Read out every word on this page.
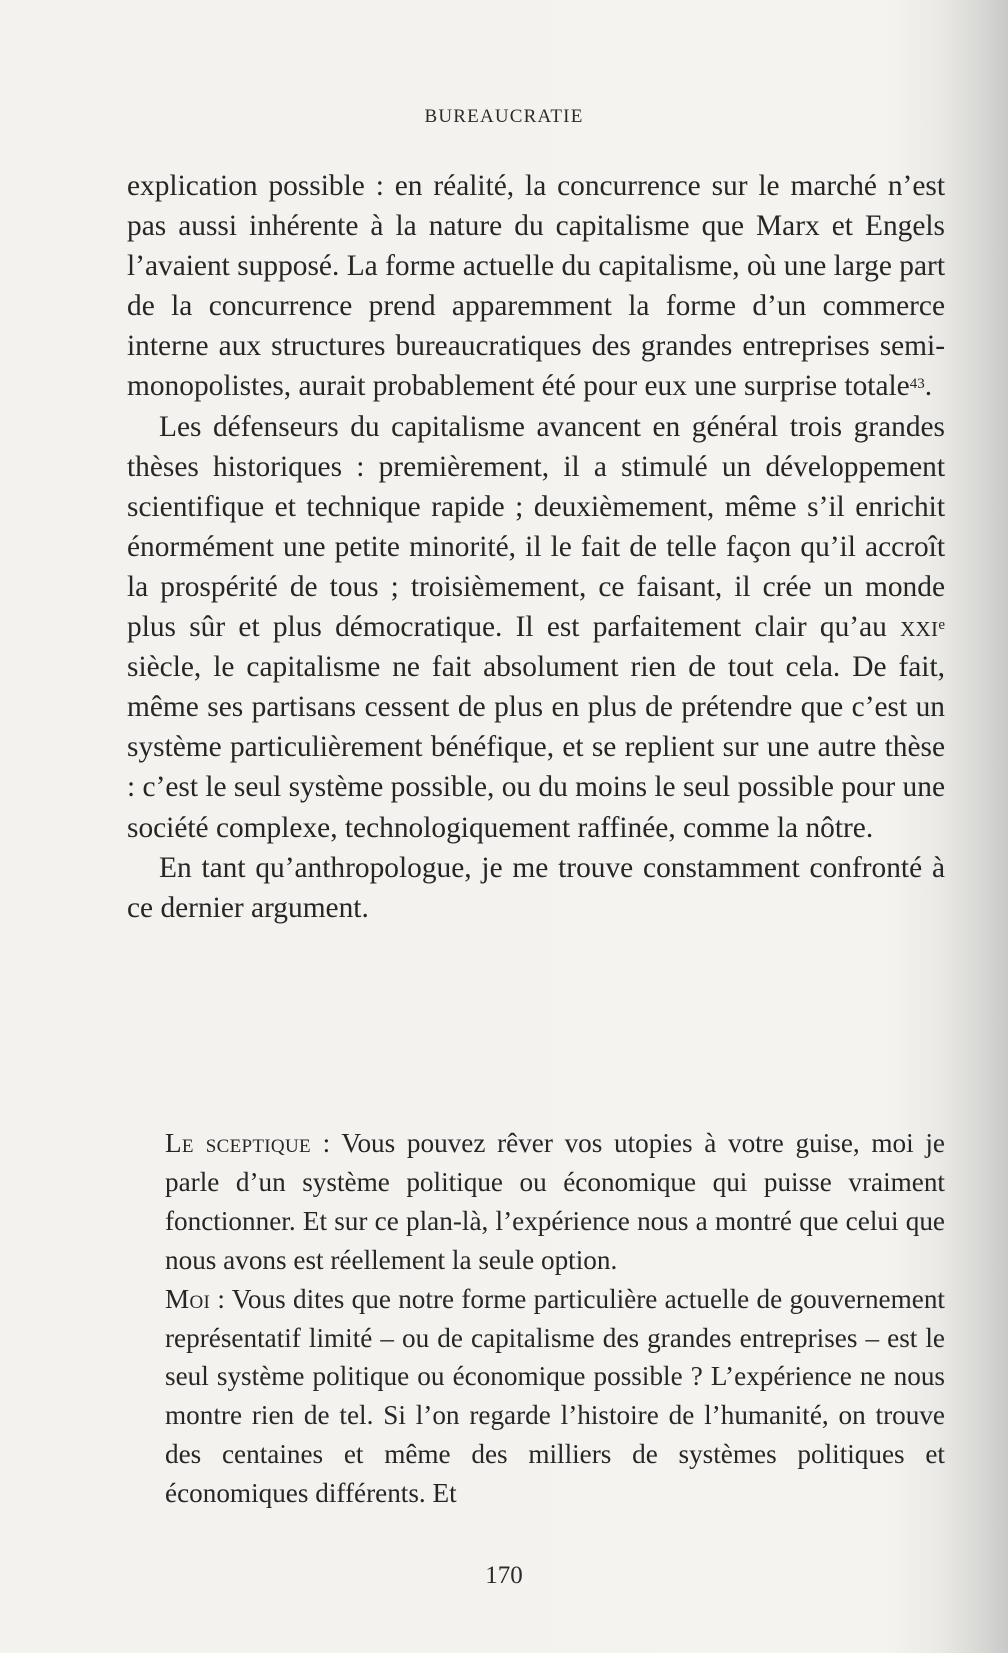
BUREAUCRATIE

explication possible : en réalité, la concurrence sur le marché n’est pas aussi inhérente à la nature du capitalisme que Marx et Engels l’avaient supposé. La forme actuelle du capitalisme, où une large part de la concurrence prend apparemment la forme d’un commerce interne aux structures bureaucratiques des grandes entreprises semi-monopolistes, aurait probablement été pour eux une surprise totale$^{43}$.

Les défenseurs du capitalisme avancent en général trois grandes thèses historiques : premièrement, il a stimulé un développement scientifique et technique rapide ; deuxièmement, même s’il enrichit énormément une petite minorité, il le fait de telle façon qu’il accroît la prospérité de tous ; troisièmement, ce faisant, il crée un monde plus sûr et plus démocratique. Il est parfaitement clair qu’au xxi$^e$ siècle, le capitalisme ne fait absolument rien de tout cela. De fait, même ses partisans cessent de plus en plus de prétendre que c’est un système particulièrement bénéfique, et se replient sur une autre thèse : c’est le seul système possible, ou du moins le seul possible pour une société complexe, technologiquement raffinée, comme la nôtre.

En tant qu’anthropologue, je me trouve constamment confronté à ce dernier argument.

Le sceptique : Vous pouvez rêver vos utopies à votre guise, moi je parle d’un système politique ou économique qui puisse vraiment fonctionner. Et sur ce plan-là, l’expérience nous a montré que celui que nous avons est réellement la seule option.

Moi : Vous dites que notre forme particulière actuelle de gouvernement représentatif limité – ou de capitalisme des grandes entreprises – est le seul système politique ou économique possible ? L’expérience ne nous montre rien de tel. Si l’on regarde l’histoire de l’humanité, on trouve des centaines et même des milliers de systèmes politiques et économiques différents. Et

170
